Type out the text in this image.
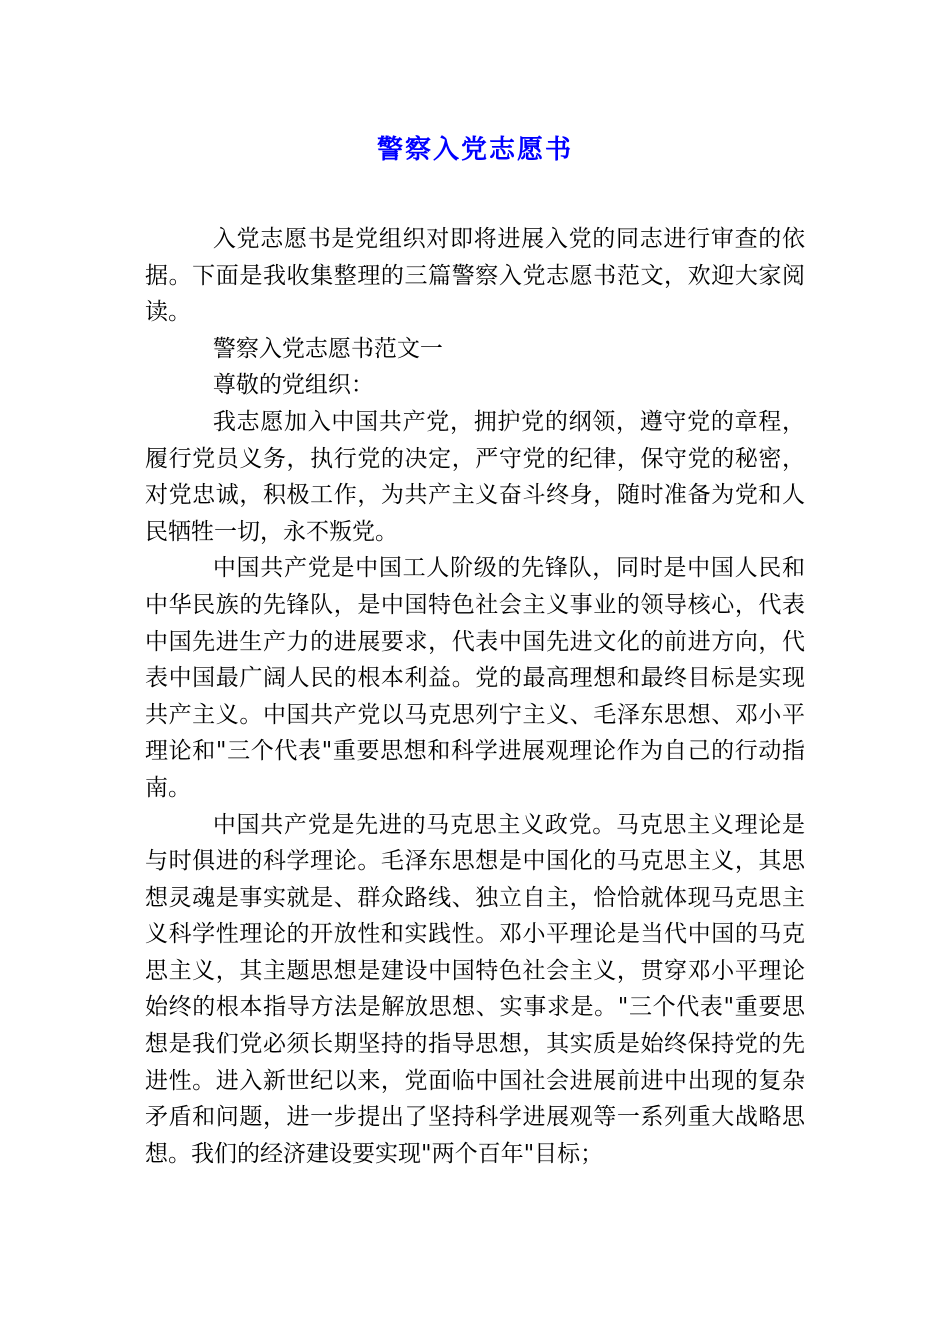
警察入党志愿书

入党志愿书是党组织对即将进展入党的同志进行审查的依据。下面是我收集整理的三篇警察入党志愿书范文，欢迎大家阅读。

警察入党志愿书范文一

尊敬的党组织：

我志愿加入中国共产党，拥护党的纲领，遵守党的章程，履行党员义务，执行党的决定，严守党的纪律，保守党的秘密，对党忠诚，积极工作，为共产主义奋斗终身，随时准备为党和人民牺牲一切，永不叛党。

中国共产党是中国工人阶级的先锋队，同时是中国人民和中华民族的先锋队，是中国特色社会主义事业的领导核心，代表中国先进生产力的进展要求，代表中国先进文化的前进方向，代表中国最广阔人民的根本利益。党的最高理想和最终目标是实现共产主义。中国共产党以马克思列宁主义、毛泽东思想、邓小平理论和"三个代表"重要思想和科学进展观理论作为自己的行动指南。

中国共产党是先进的马克思主义政党。马克思主义理论是与时俱进的科学理论。毛泽东思想是中国化的马克思主义，其思想灵魂是事实就是、群众路线、独立自主，恰恰就体现马克思主义科学性理论的开放性和实践性。邓小平理论是当代中国的马克思主义，其主题思想是建设中国特色社会主义，贯穿邓小平理论始终的根本指导方法是解放思想、实事求是。"三个代表"重要思想是我们党必须长期坚持的指导思想，其实质是始终保持党的先进性。进入新世纪以来，党面临中国社会进展前进中出现的复杂矛盾和问题，进一步提出了坚持科学进展观等一系列重大战略思想。我们的经济建设要实现"两个百年"目标；
